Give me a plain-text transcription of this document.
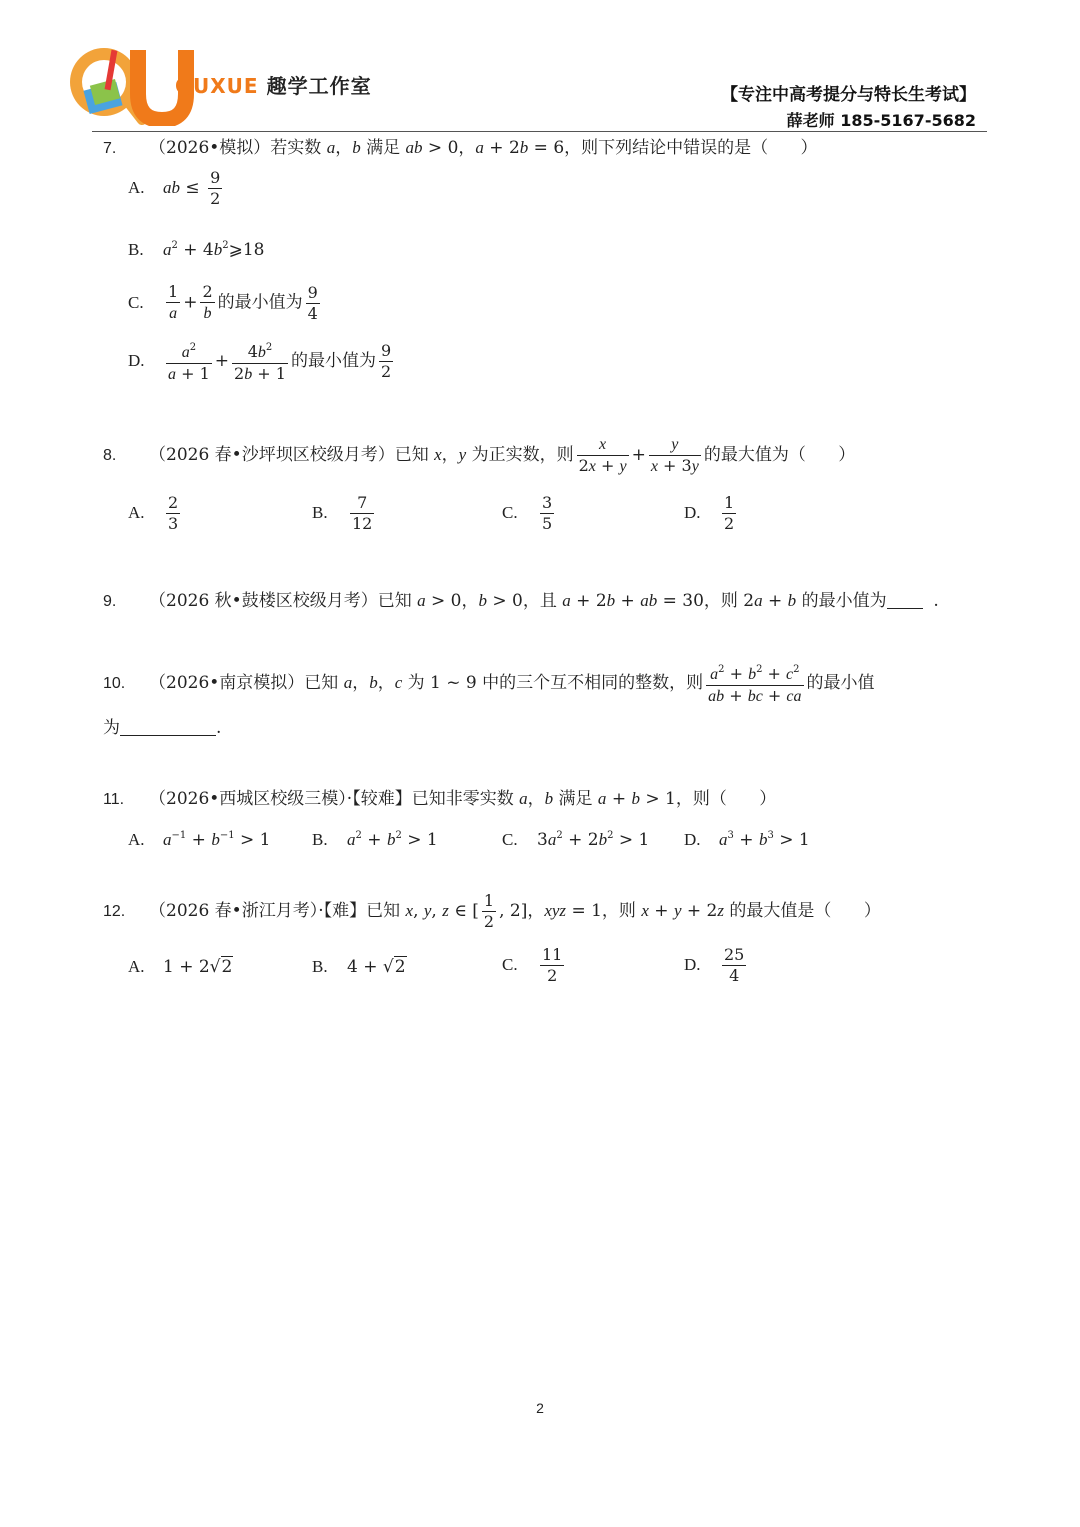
QUXUE 趣学工作室	【专注中高考提分与特长生考试】
薛老师 185-5167-5682
7. （2026•模拟）若实数 a，b 满足 ab > 0，a + 2b = 6，则下列结论中错误的是（      ）
A. ab ≤ $\frac{9}{2}$
B. $a^2$ + $4b^2⩾18$
C. $\frac{1}{a} + \frac{2}{b}$ 的最小值为 $\frac{9}{4}$
D. $\frac{a^2}{a + 1} + \frac{4b^2}{2b + 1}$ 的最小值为 $\frac{9}{2}$
8. （2026 春•沙坪坝区校级月考）已知 x，y 为正实数，则 $\frac{x}{2x + y} + \frac{y}{x + 3y}$ 的最大值为（      ）
A. $\frac{2}{3}$	B. $\frac{7}{12}$	C. $\frac{3}{5}$	D. $\frac{1}{2}$
9. （2026 秋•鼓楼区校级月考）已知 a > 0，b > 0，且 a + 2b + ab = 30，则 2a + b 的最小值为  .
10. （2026•南京模拟）已知 a，b，c 为 1 ~ 9 中的三个互不相同的整数，则 $\frac{a^2 + b^2 + c^2}{ab + bc + ca}$ 的最小值
为	.
11. （2026•西城区校级三模）·【较难】已知非零实数 a，b 满足 a + b > 1，则（      ）
A. $a^{-1} + b^{-1} > 1$ B. $a^2 + b^2 > 1$	C. $3a^2 + 2b^2 > 1$ D. $a^3 + b^3 > 1$
12. （2026 春•浙江月考）·【难】已知 x, y, z ∈ [ $\frac{1}{2}$ , 2]，xyz = 1，则 x + y + 2z 的最大值是（      ）
A. 1 + 2√2	B. 4 + √2	C. $\frac{11}{2}$	D. $\frac{25}{4}$
2
